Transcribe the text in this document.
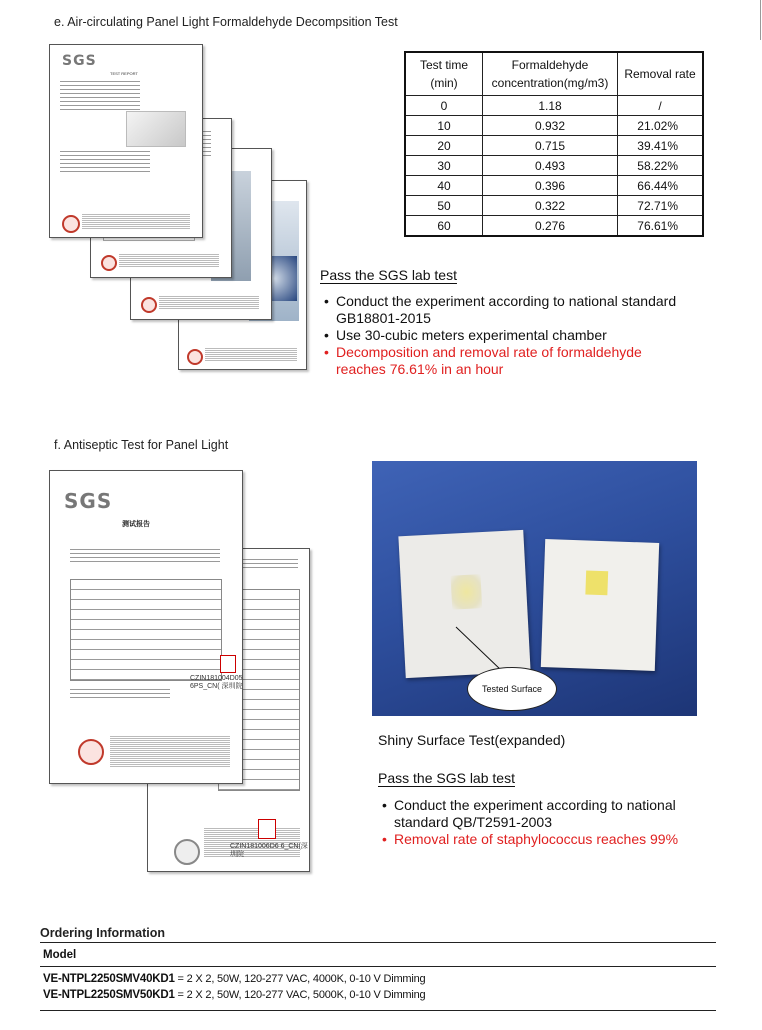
e. Air-circulating Panel Light Formaldehyde Decompsition Test
SGS
TEST REPORT
Test time (min)	Formaldehyde concentration(mg/m3)	Removal rate
0	1.18	/
10	0.932	21.02%
20	0.715	39.41%
30	0.493	58.22%
40	0.396	66.44%
50	0.322	72.71%
60	0.276	76.61%
Pass the SGS lab test
• Conduct the experiment according to national standard GB18801-2015
• Use 30-cubic meters experimental chamber
• Decomposition and removal rate of formaldehyde reaches 76.61% in an hour
f. Antiseptic Test for Panel Light
CZIN181006D6 6_CN(深圳院
SGS
测试报告
CZIN181004D05 6PS_CN( 深圳院	Tested Surface
Shiny Surface Test(expanded)
Pass the SGS lab test
• Conduct the experiment according to national standard QB/T2591-2003
• Removal rate of staphylococcus reaches 99%
Ordering Information
Model
VE-NTPL2250SMV40KD1 = 2 X 2, 50W, 120-277 VAC, 4000K, 0-10 V Dimming
VE-NTPL2250SMV50KD1 = 2 X 2, 50W, 120-277 VAC, 5000K, 0-10 V Dimming
